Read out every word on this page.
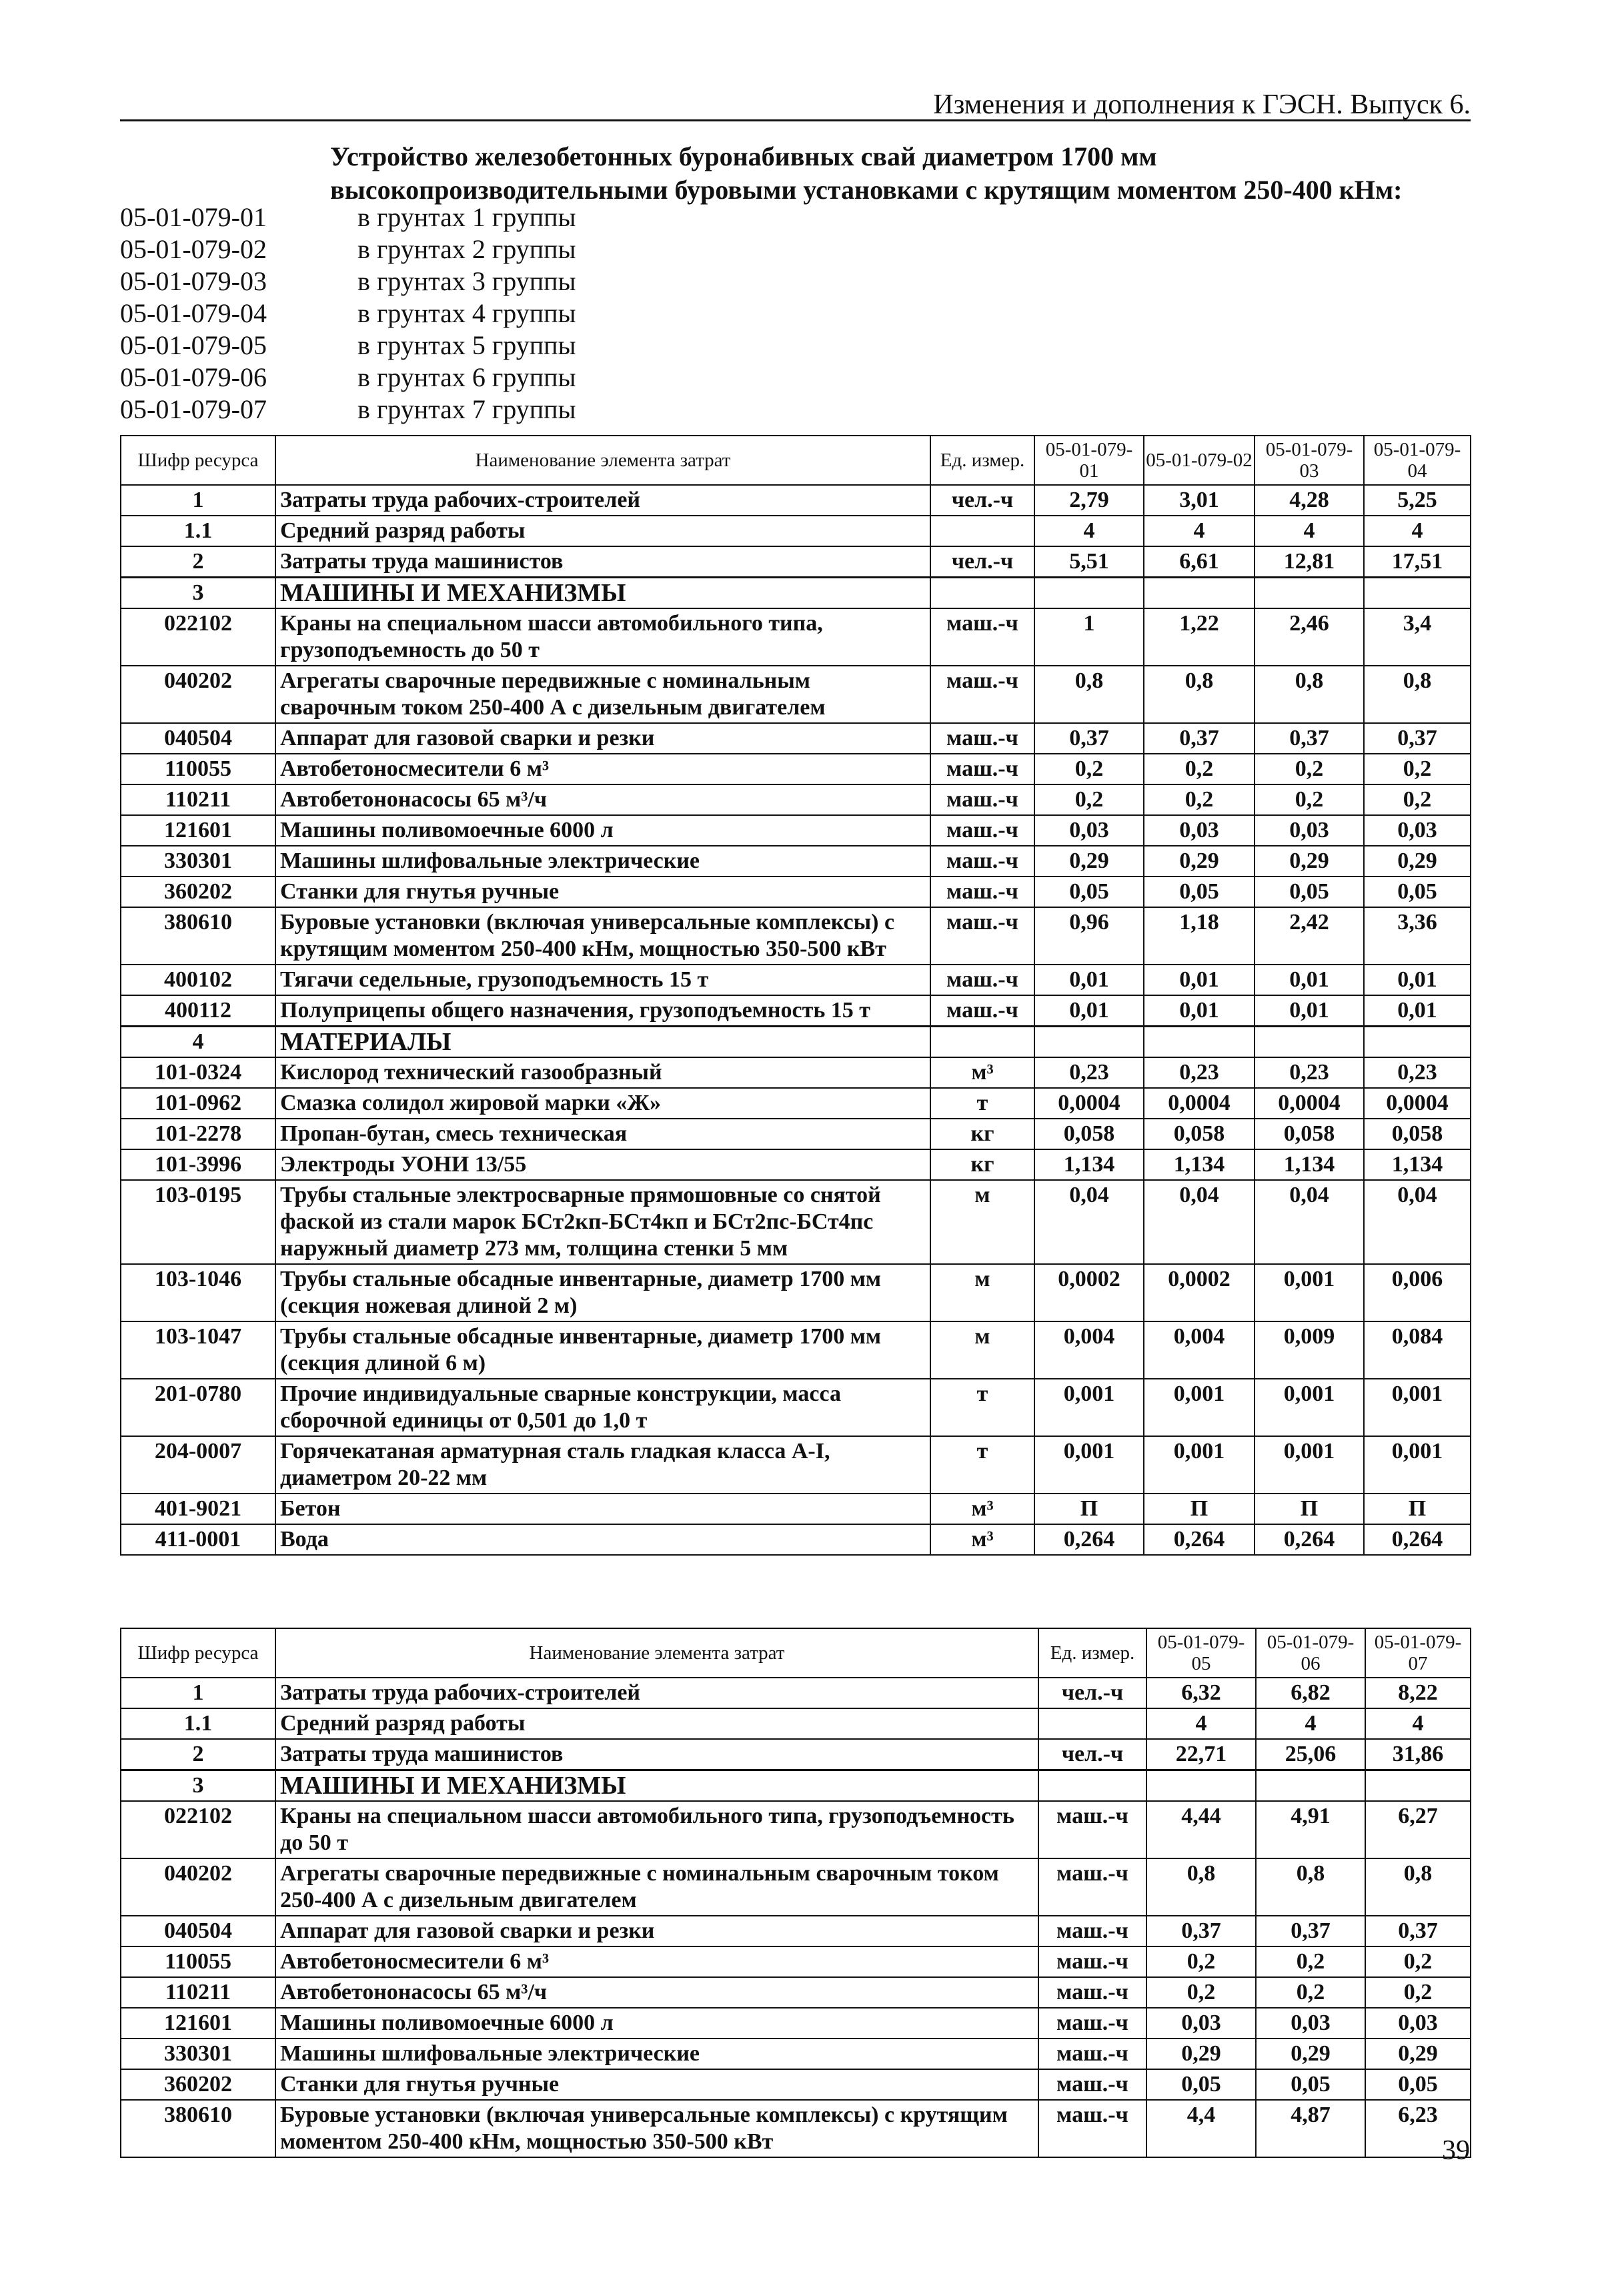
Изменения и дополнения к ГЭСН. Выпуск 6.
Устройство железобетонных буронабивных свай диаметром 1700 мм высокопроизводительными буровыми установками с крутящим моментом 250-400 кНм:
05-01-079-01	в грунтах 1 группы
05-01-079-02	в грунтах 2 группы
05-01-079-03	в грунтах 3 группы
05-01-079-04	в грунтах 4 группы
05-01-079-05	в грунтах 5 группы
05-01-079-06	в грунтах 6 группы
05-01-079-07	в грунтах 7 группы
Шифр ресурса	Наименование элемента затрат	Ед. измер.	05-01-079-01	05-01-079-02	05-01-079-03	05-01-079-04
1	Затраты труда рабочих-строителей	чел.-ч	2,79	3,01	4,28	5,25
1.1	Средний разряд работы		4	4	4	4
2	Затраты труда машинистов	чел.-ч	5,51	6,61	12,81	17,51
3	МАШИНЫ И МЕХАНИЗМЫ					
022102	Краны на специальном шасси автомобильного типа, грузоподъемность до 50 т	маш.-ч	1	1,22	2,46	3,4
040202	Агрегаты сварочные передвижные с номинальным сварочным током 250-400 А с дизельным двигателем	маш.-ч	0,8	0,8	0,8	0,8
040504	Аппарат для газовой сварки и резки	маш.-ч	0,37	0,37	0,37	0,37
110055	Автобетоносмесители 6 м³	маш.-ч	0,2	0,2	0,2	0,2
110211	Автобетононасосы 65 м³/ч	маш.-ч	0,2	0,2	0,2	0,2
121601	Машины поливомоечные 6000 л	маш.-ч	0,03	0,03	0,03	0,03
330301	Машины шлифовальные электрические	маш.-ч	0,29	0,29	0,29	0,29
360202	Станки для гнутья ручные	маш.-ч	0,05	0,05	0,05	0,05
380610	Буровые установки (включая универсальные комплексы) с крутящим моментом 250-400 кНм, мощностью 350-500 кВт	маш.-ч	0,96	1,18	2,42	3,36
400102	Тягачи седельные, грузоподъемность 15 т	маш.-ч	0,01	0,01	0,01	0,01
400112	Полуприцепы общего назначения, грузоподъемность 15 т	маш.-ч	0,01	0,01	0,01	0,01
4	МАТЕРИАЛЫ					
101-0324	Кислород технический газообразный	м³	0,23	0,23	0,23	0,23
101-0962	Смазка солидол жировой марки «Ж»	т	0,0004	0,0004	0,0004	0,0004
101-2278	Пропан-бутан, смесь техническая	кг	0,058	0,058	0,058	0,058
101-3996	Электроды УОНИ 13/55	кг	1,134	1,134	1,134	1,134
103-0195	Трубы стальные электросварные прямошовные со снятой фаской из стали марок БСт2кп-БСт4кп и БСт2пс-БСт4пс наружный диаметр 273 мм, толщина стенки 5 мм	м	0,04	0,04	0,04	0,04
103-1046	Трубы стальные обсадные инвентарные, диаметр 1700 мм (секция ножевая длиной 2 м)	м	0,0002	0,0002	0,001	0,006
103-1047	Трубы стальные обсадные инвентарные, диаметр 1700 мм (секция длиной 6 м)	м	0,004	0,004	0,009	0,084
201-0780	Прочие индивидуальные сварные конструкции, масса сборочной единицы от 0,501 до 1,0 т	т	0,001	0,001	0,001	0,001
204-0007	Горячекатаная арматурная сталь гладкая класса А-I, диаметром 20-22 мм	т	0,001	0,001	0,001	0,001
401-9021	Бетон	м³	П	П	П	П
411-0001	Вода	м³	0,264	0,264	0,264	0,264
Шифр ресурса	Наименование элемента затрат	Ед. измер.	05-01-079-05	05-01-079-06	05-01-079-07
1	Затраты труда рабочих-строителей	чел.-ч	6,32	6,82	8,22
1.1	Средний разряд работы		4	4	4
2	Затраты труда машинистов	чел.-ч	22,71	25,06	31,86
3	МАШИНЫ И МЕХАНИЗМЫ				
022102	Краны на специальном шасси автомобильного типа, грузоподъемность до 50 т	маш.-ч	4,44	4,91	6,27
040202	Агрегаты сварочные передвижные с номинальным сварочным током 250-400 А с дизельным двигателем	маш.-ч	0,8	0,8	0,8
040504	Аппарат для газовой сварки и резки	маш.-ч	0,37	0,37	0,37
110055	Автобетоносмесители 6 м³	маш.-ч	0,2	0,2	0,2
110211	Автобетононасосы 65 м³/ч	маш.-ч	0,2	0,2	0,2
121601	Машины поливомоечные 6000 л	маш.-ч	0,03	0,03	0,03
330301	Машины шлифовальные электрические	маш.-ч	0,29	0,29	0,29
360202	Станки для гнутья ручные	маш.-ч	0,05	0,05	0,05
380610	Буровые установки (включая универсальные комплексы) с крутящим моментом 250-400 кНм, мощностью 350-500 кВт	маш.-ч	4,4	4,87	6,23
39
